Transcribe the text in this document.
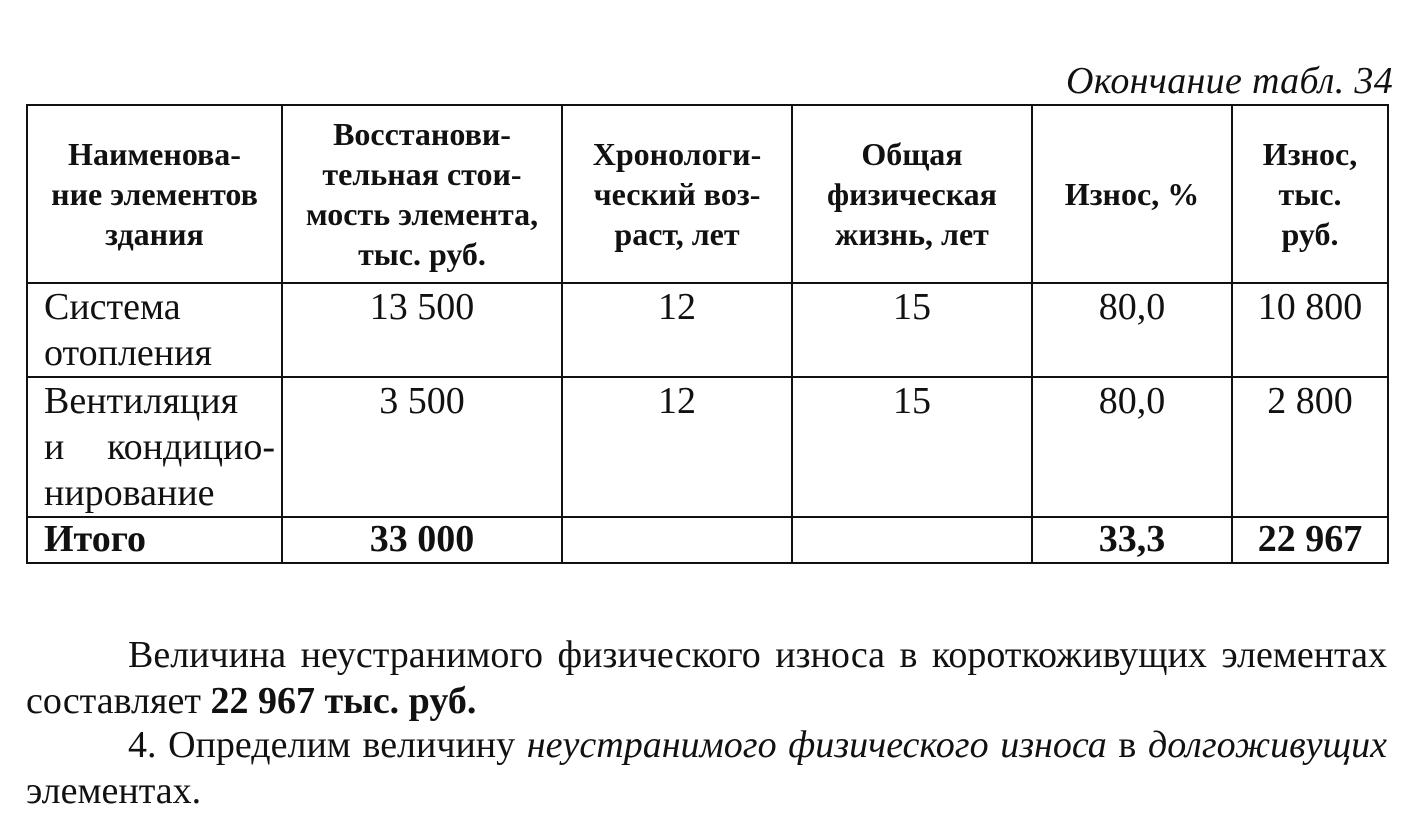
Окончание табл. 34
Наименова-
ние элементов
здания	Восстанови-
тельная стои-
мость элемента,
тыс. руб.	Хронологи-
ческий воз-
раст, лет	Общая
физическая
жизнь, лет	Износ, %	Износ,
тыс.
руб.

Система
отопления	13 500	12	15	80,0	10 800

Вентиляция
и кондицио-
нирование	3 500	12	15	80,0	2 800
Итого	33 000			33,3	22 967
Величина неустранимого физического износа в короткоживущих элементах составляет 22 967 тыс. руб.
4. Определим величину неустранимого физического износа в долгоживущих элементах.
